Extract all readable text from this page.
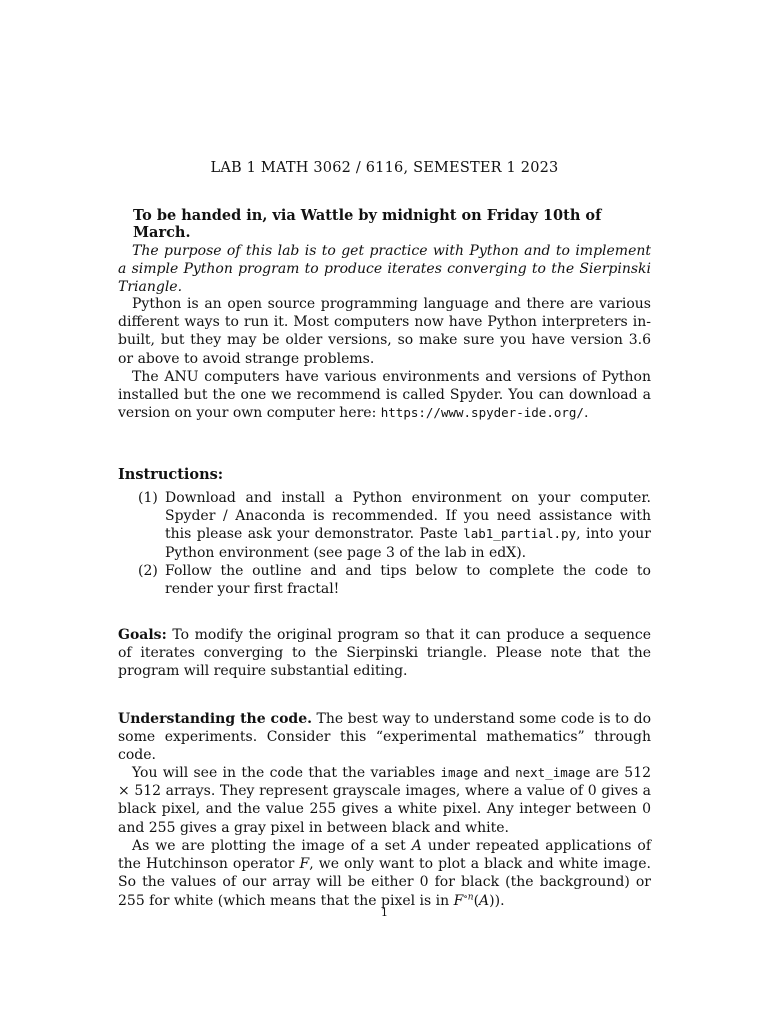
LAB 1 MATH 3062 / 6116, SEMESTER 1 2023
To be handed in, via Wattle by midnight on Friday 10th of March.
The purpose of this lab is to get practice with Python and to implement a simple Python program to produce iterates converging to the Sierpinski Triangle.
Python is an open source programming language and there are various different ways to run it. Most computers now have Python interpreters in-built, but they may be older versions, so make sure you have version 3.6 or above to avoid strange problems.
The ANU computers have various environments and versions of Python installed but the one we recommend is called Spyder. You can download a version on your own computer here: https://www.spyder-ide.org/.
Instructions:
(1) Download and install a Python environment on your computer. Spyder / Anaconda is recommended. If you need assistance with this please ask your demonstrator. Paste lab1_partial.py, into your Python environment (see page 3 of the lab in edX).
(2) Follow the outline and and tips below to complete the code to render your first fractal!
Goals: To modify the original program so that it can produce a sequence of iterates converging to the Sierpinski triangle. Please note that the program will require substantial editing.
Understanding the code. The best way to understand some code is to do some experiments. Consider this “experimental mathematics” through code.
You will see in the code that the variables image and next_image are 512 × 512 arrays. They represent grayscale images, where a value of 0 gives a black pixel, and the value 255 gives a white pixel. Any integer between 0 and 255 gives a gray pixel in between black and white.
As we are plotting the image of a set A under repeated applications of the Hutchinson operator F, we only want to plot a black and white image. So the values of our array will be either 0 for black (the background) or 255 for white (which means that the pixel is in $F^{\circ n}(A)$).
1
